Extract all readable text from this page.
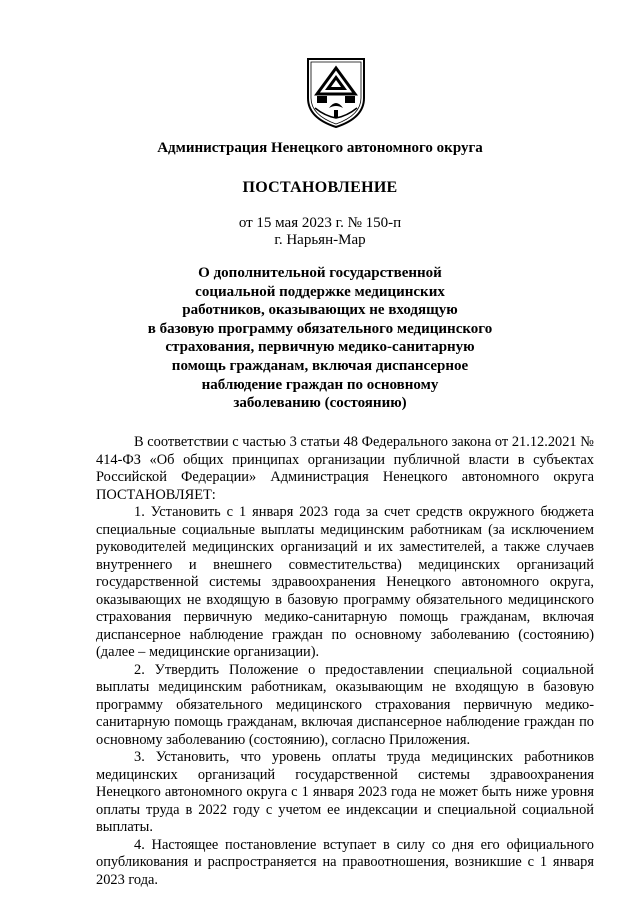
Администрация Ненецкого автономного округа
ПОСТАНОВЛЕНИЕ
от 15 мая 2023 г. № 150-п
г. Нарьян-Мар
О дополнительной государственной
социальной поддержке медицинских
работников, оказывающих не входящую
в базовую программу обязательного медицинского
страхования, первичную медико-санитарную
помощь гражданам, включая диспансерное
наблюдение граждан по основному
заболеванию (состоянию)

В соответствии с частью 3 статьи 48 Федерального закона от 21.12.2021 № 414-ФЗ «Об общих принципах организации публичной власти в субъектах Российской Федерации» Администрация Ненецкого автономного округа ПОСТАНОВЛЯЕТ:

1. Установить с 1 января 2023 года за счет средств окружного бюджета специальные социальные выплаты медицинским работникам (за исключением руководителей медицинских организаций и их заместителей, а также случаев внутреннего и внешнего совместительства) медицинских организаций государственной системы здравоохранения Ненецкого автономного округа, оказывающих не входящую в базовую программу обязательного медицинского страхования первичную медико-санитарную помощь гражданам, включая диспансерное наблюдение граждан по основному заболеванию (состоянию) (далее – медицинские организации).

2. Утвердить Положение о предоставлении специальной социальной выплаты медицинским работникам, оказывающим не входящую в базовую программу обязательного медицинского страхования первичную медико-санитарную помощь гражданам, включая диспансерное наблюдение граждан по основному заболеванию (состоянию), согласно Приложения.

3. Установить, что уровень оплаты труда медицинских работников медицинских организаций государственной системы здравоохранения Ненецкого автономного округа с 1 января 2023 года не может быть ниже уровня оплаты труда в 2022 году с учетом ее индексации и специальной социальной выплаты.

4. Настоящее постановление вступает в силу со дня его официального опубликования и распространяется на правоотношения, возникшие с 1 января 2023 года.
